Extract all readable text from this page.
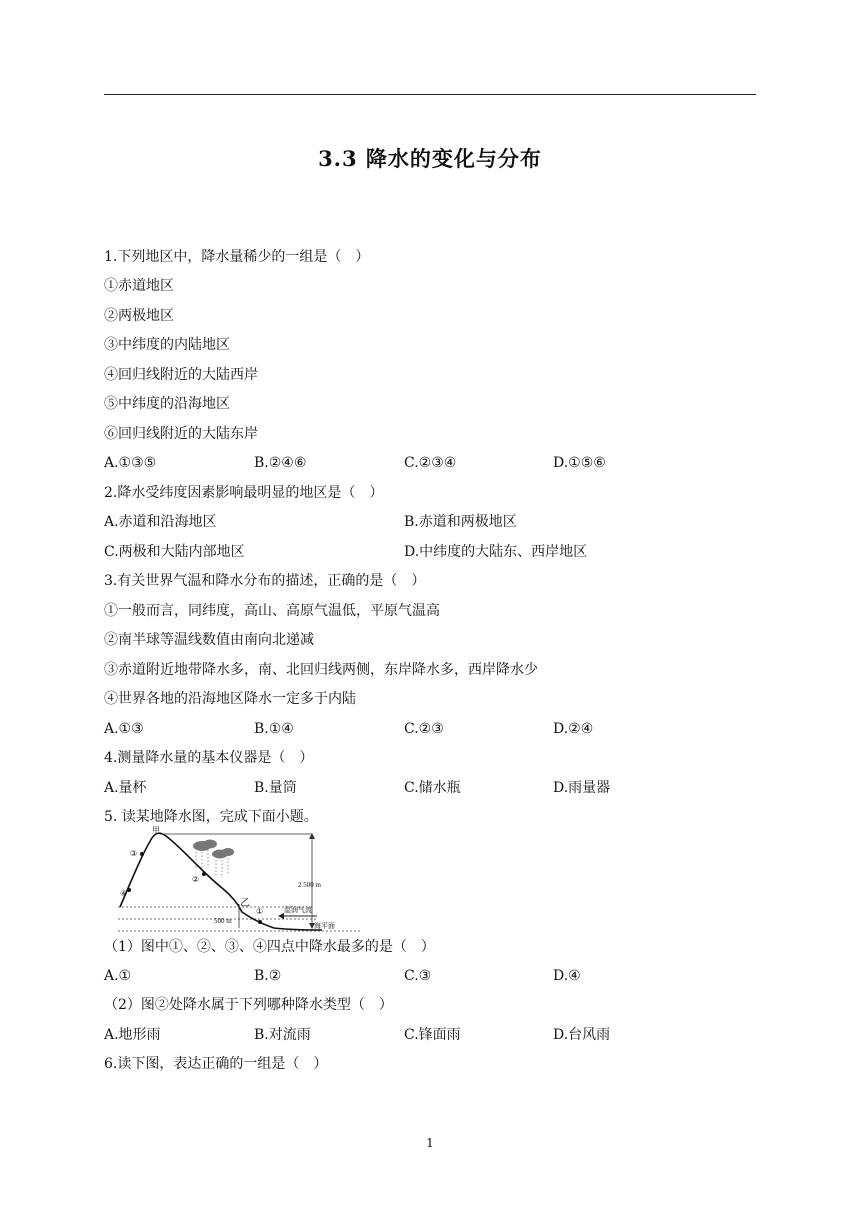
3.3 降水的变化与分布
1.下列地区中，降水量稀少的一组是（　）
①赤道地区
②两极地区
③中纬度的内陆地区
④回归线附近的大陆西岸
⑤中纬度的沿海地区
⑥回归线附近的大陆东岸
A.①③⑤	B.②④⑥	C.②③④	D.①⑤⑥
2.降水受纬度因素影响最明显的地区是（　）
A.赤道和沿海地区	B.赤道和两极地区
C.两极和大陆内部地区	D.中纬度的大陆东、西岸地区
3.有关世界气温和降水分布的描述，正确的是（　）
①一般而言，同纬度，高山、高原气温低，平原气温高
②南半球等温线数值由南向北递减
③赤道附近地带降水多，南、北回归线两侧，东岸降水多，西岸降水少
④世界各地的沿海地区降水一定多于内陆
A.①③	B.①④	C.②③	D.②④
4.测量降水量的基本仪器是（　）
A.量杯	B.量筒	C.储水瓶	D.雨量器
5. 读某地降水图，完成下面小题。
甲
乙
④
③
②
①
2 500 m
500 m
湿润气流
海平面
（1）图中①、②、③、④四点中降水最多的是（　）
A.①	B.②	C.③	D.④
（2）图②处降水属于下列哪种降水类型（　）
A.地形雨	B.对流雨	C.锋面雨	D.台风雨
6.读下图，表达正确的一组是（　）
1
